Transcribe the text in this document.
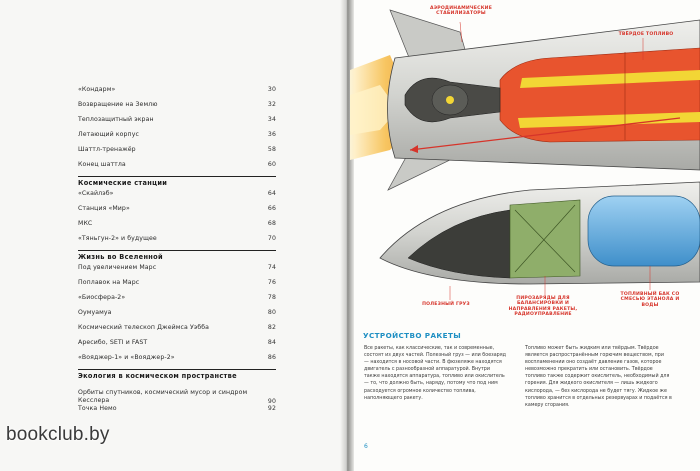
«Кондарм»	30
Возвращение на Землю	32
Теплозащитный экран	34
Летающий корпус	36
Шаттл-тренажёр	58
Конец шаттла	60
Космические станции
«Скайлэб»	64
Станция «Мир»	66
МКС	68
«Тяньгун-2» и будущее	70
Жизнь во Вселенной
Под увеличением Марс	74
Поплавок на Марс	76
«Биосфера-2»	78
Оумуамуа	80
Космический телескоп Джеймса Уэбба	82
Аресибо, SETI и FAST	84
«Вояджер-1» и «Вояджер-2»	86
Экология в космическом пространстве
Орбиты спутников, космический мусор и синдром Кесслера	90
Точка Немо	92
АЭРОДИНАМИЧЕСКИЕ СТАБИЛИЗАТОРЫ
ТВЁРДОЕ ТОПЛИВО
ПОЛЕЗНЫЙ ГРУЗ
ПИРОЗАРЯДЫ ДЛЯ БАЛАНСИРОВКИ И НАПРАВЛЕНИЯ РАКЕТЫ, РАДИОУПРАВЛЕНИЕ
ТОПЛИВНЫЙ БАК СО СМЕСЬЮ ЭТАНОЛА И ВОДЫ
УСТРОЙСТВО РАКЕТЫ
Все ракеты, как классические, так и современные, состоят из двух частей. Полезный груз — или боезаряд — находится в носовой части. В фюзеляже находятся двигатель с разнообразной аппаратурой. Внутри также находятся аппаратура, топливо или окислитель — то, что должно быть, наряду, потому что под ним расходуется огромное количество топлива, наполняющего ракету.
Топливо может быть жидким или твёрдым. Твёрдое является распространённым горючим веществом, при воспламенении оно создаёт давление газов, которое невозможно прекратить или остановить. Твёрдое топливо также содержит окислитель, необходимый для горения. Для жидкого окислителя — лишь жидкого кислорода, — без кислорода не будет тягу. Жидкое же топливо хранится в отдельных резервуарах и подаётся в камеру сгорания.
6
bookclub.by
